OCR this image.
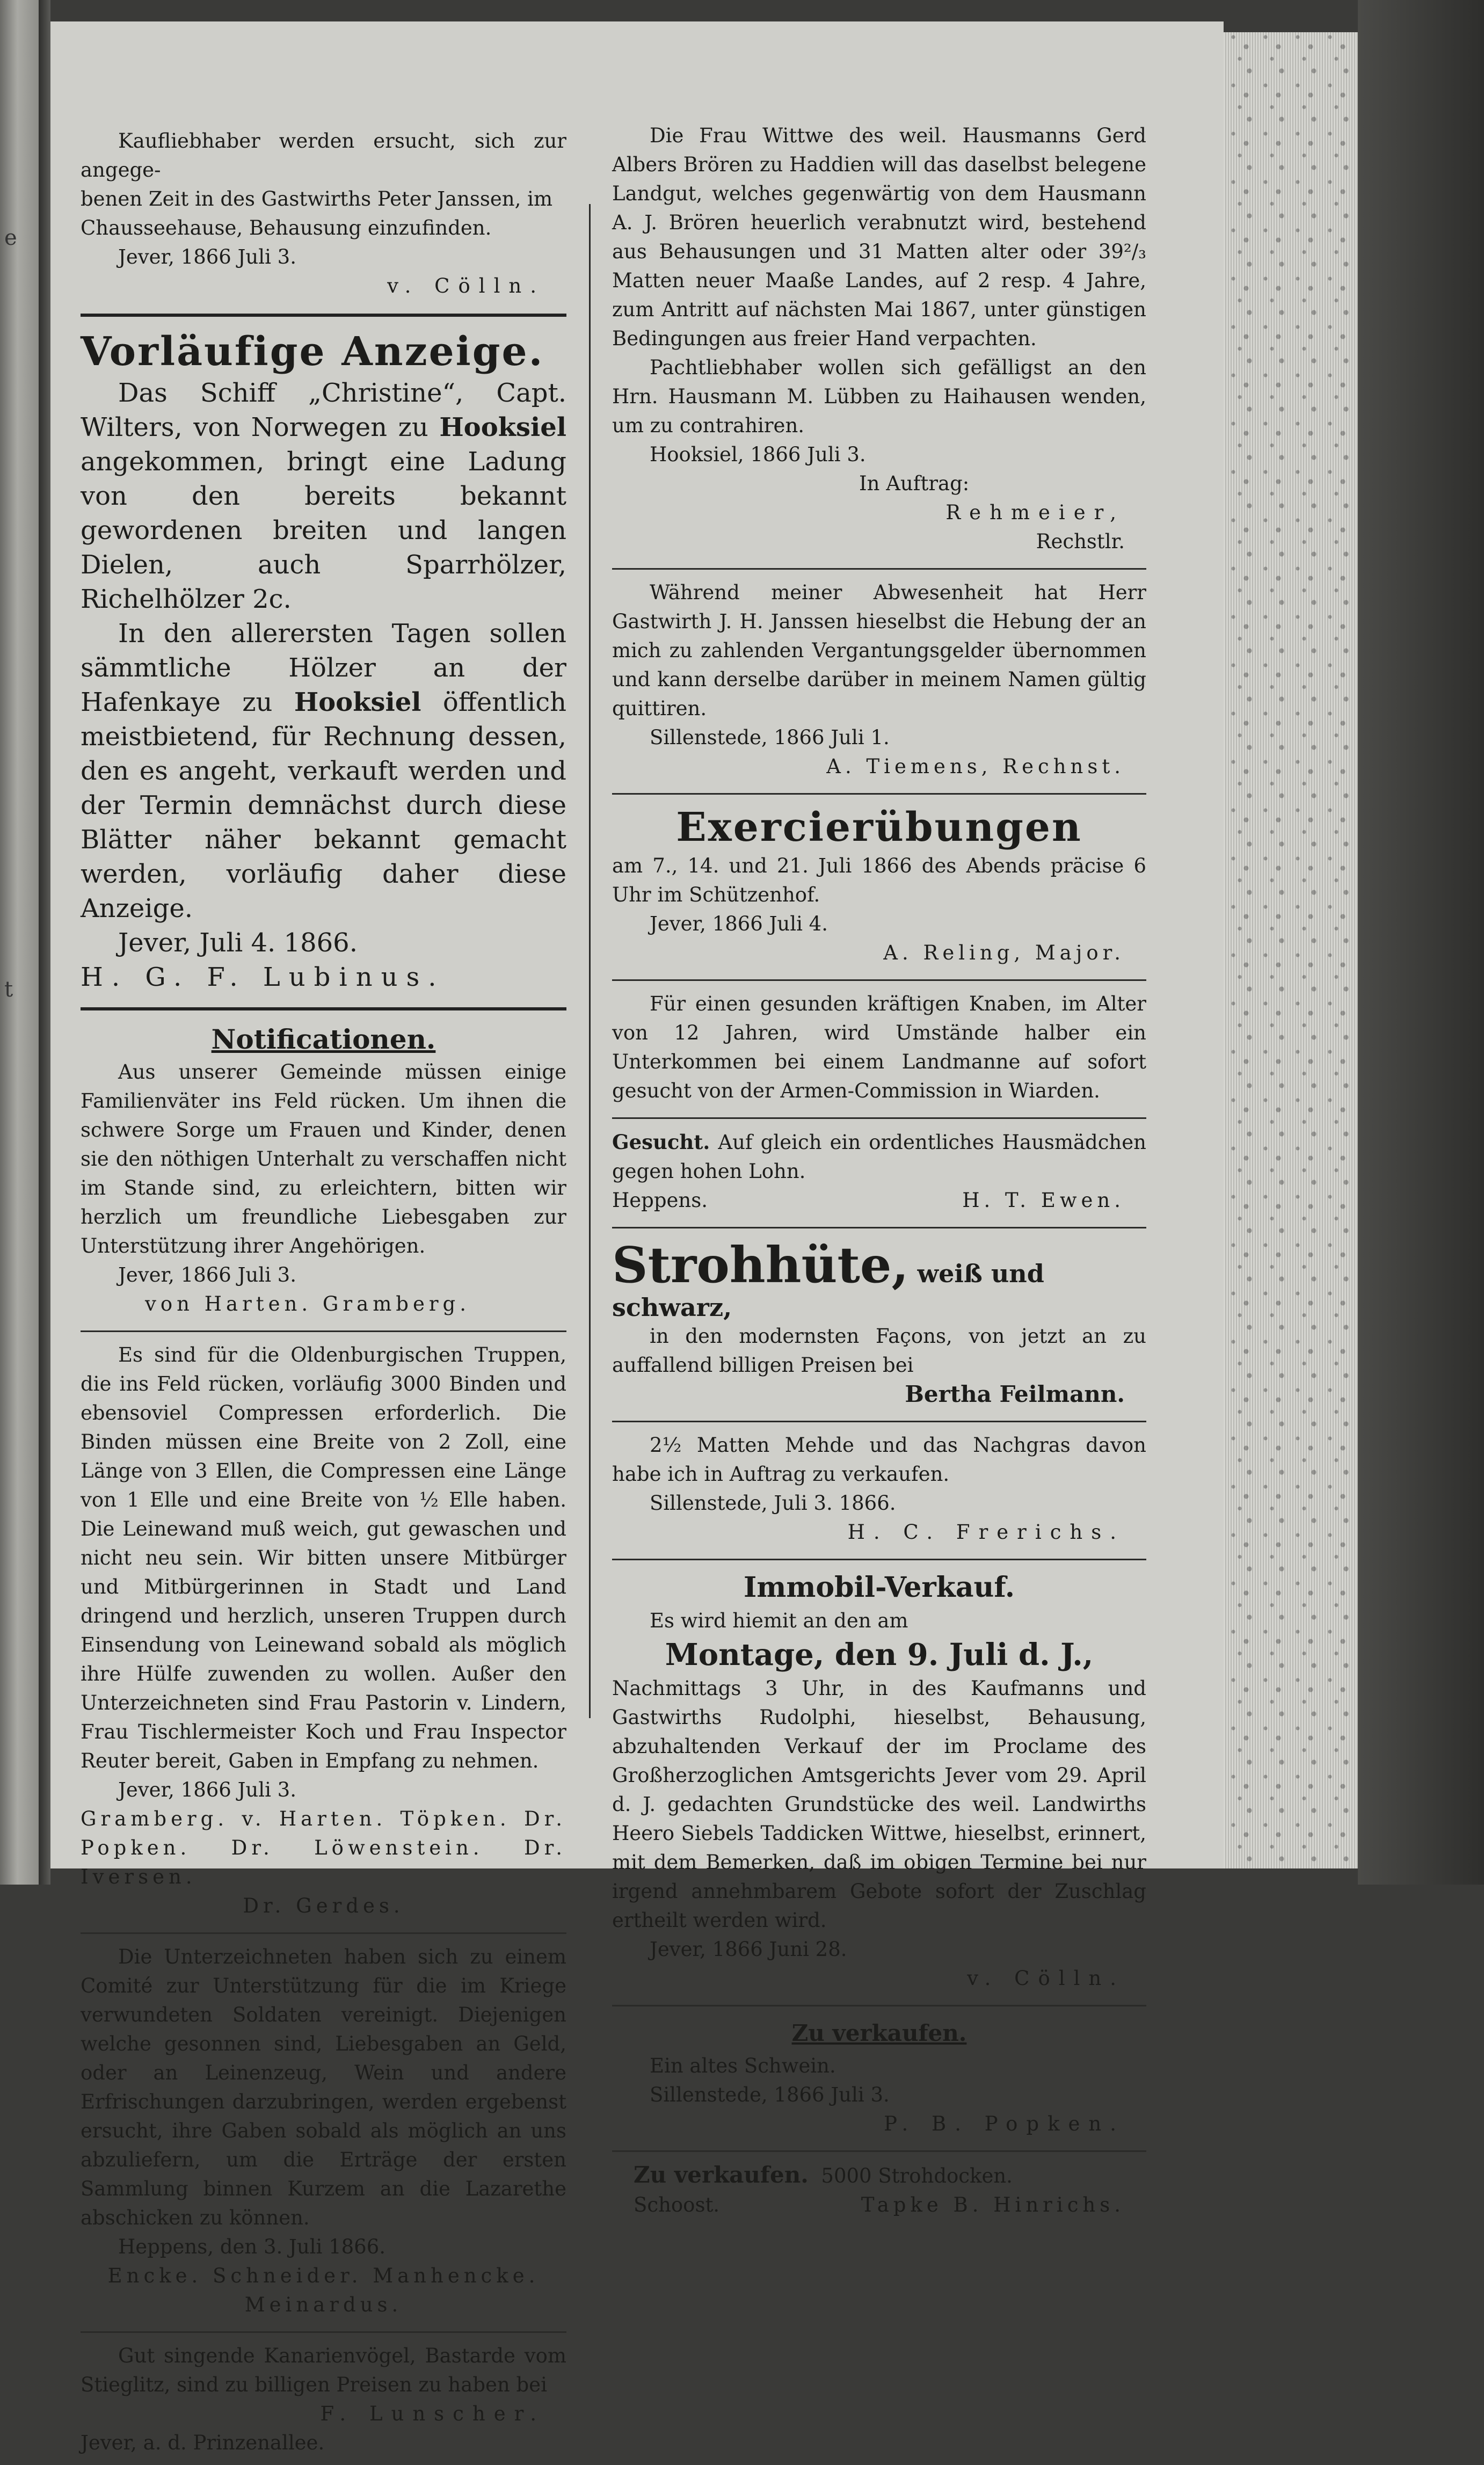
e
t
Kaufliebhaber werden ersucht, sich zur angege-
benen Zeit in des Gastwirths Peter Janssen, im
Chausseehause, Behausung einzufinden.
Jever, 1866 Juli 3.
v. Cölln.
Vorläufige Anzeige.
Das Schiff „Christine“, Capt. Wilters, von Norwegen zu Hooksiel angekommen, bringt eine Ladung von den bereits bekannt gewordenen breiten und langen Dielen, auch Sparrhölzer, Richelhölzer 2c.
In den allerersten Tagen sollen sämmtliche Hölzer an der Hafenkaye zu Hooksiel öffentlich meistbietend, für Rechnung dessen, den es angeht, verkauft werden und der Termin demnächst durch diese Blätter näher bekannt gemacht werden, vorläufig daher diese Anzeige.
Jever, Juli 4. 1866.
H. G. F. Lubinus.
Notificationen.
Aus unserer Gemeinde müssen einige Familienväter ins Feld rücken. Um ihnen die schwere Sorge um Frauen und Kinder, denen sie den nöthigen Unterhalt zu verschaffen nicht im Stande sind, zu erleichtern, bitten wir herzlich um freundliche Liebesgaben zur Unterstützung ihrer Angehörigen.
Jever, 1866 Juli 3.
von Harten. Gramberg.
Es sind für die Oldenburgischen Truppen, die ins Feld rücken, vorläufig 3000 Binden und ebensoviel Compressen erforderlich. Die Binden müssen eine Breite von 2 Zoll, eine Länge von 3 Ellen, die Compressen eine Länge von 1 Elle und eine Breite von ½ Elle haben. Die Leinewand muß weich, gut gewaschen und nicht neu sein. Wir bitten unsere Mitbürger und Mitbürgerinnen in Stadt und Land dringend und herzlich, unseren Truppen durch Einsendung von Leinewand sobald als möglich ihre Hülfe zuwenden zu wollen. Außer den Unterzeichneten sind Frau Pastorin v. Lindern, Frau Tischlermeister Koch und Frau Inspector Reuter bereit, Gaben in Empfang zu nehmen.
Jever, 1866 Juli 3.
Gramberg. v. Harten. Töpken. Dr. Popken. Dr. Löwenstein. Dr. Iversen.
Dr. Gerdes.
Die Unterzeichneten haben sich zu einem Comité zur Unterstützung für die im Kriege verwundeten Soldaten vereinigt. Diejenigen welche gesonnen sind, Liebesgaben an Geld, oder an Leinenzeug, Wein und andere Erfrischungen darzubringen, werden ergebenst ersucht, ihre Gaben sobald als möglich an uns abzuliefern, um die Erträge der ersten Sammlung binnen Kurzem an die Lazarethe abschicken zu können.
Heppens, den 3. Juli 1866.
Encke. Schneider. Manhencke.
Meinardus.
Gut singende Kanarienvögel, Bastarde vom Stieglitz, sind zu billigen Preisen zu haben bei
F. Lunscher.
Jever, a. d. Prinzenallee.
Die Frau Wittwe des weil. Hausmanns Gerd Albers Brören zu Haddien will das daselbst belegene Landgut, welches gegenwärtig von dem Hausmann A. J. Brören heuerlich verabnutzt wird, bestehend aus Behausungen und 31 Matten alter oder 39²/₃ Matten neuer Maaße Landes, auf 2 resp. 4 Jahre, zum Antritt auf nächsten Mai 1867, unter günstigen Bedingungen aus freier Hand verpachten.
Pachtliebhaber wollen sich gefälligst an den Hrn. Hausmann M. Lübben zu Haihausen wenden, um zu contrahiren.
Hooksiel, 1866 Juli 3.
In Auftrag:
Rehmeier,
Rechstlr.
Während meiner Abwesenheit hat Herr Gastwirth J. H. Janssen hieselbst die Hebung der an mich zu zahlenden Vergantungsgelder übernommen und kann derselbe darüber in meinem Namen gültig quittiren.
Sillenstede, 1866 Juli 1.
A. Tiemens, Rechnst.
Exercierübungen
am 7., 14. und 21. Juli 1866 des Abends präcise 6 Uhr im Schützenhof.
Jever, 1866 Juli 4.
A. Reling, Major.
Für einen gesunden kräftigen Knaben, im Alter von 12 Jahren, wird Umstände halber ein Unterkommen bei einem Landmanne auf sofort gesucht von der Armen-Commission in Wiarden.
Gesucht. Auf gleich ein ordentliches Hausmädchen gegen hohen Lohn.
Heppens.	H. T. Ewen.
Strohhüte, weiß und schwarz,
in den modernsten Façons, von jetzt an zu auffallend billigen Preisen bei
Bertha Feilmann.
2½ Matten Mehde und das Nachgras davon habe ich in Auftrag zu verkaufen.
Sillenstede, Juli 3. 1866.
H. C. Frerichs.
Immobil-Verkauf.
Es wird hiemit an den am
Montage, den 9. Juli d. J.,
Nachmittags 3 Uhr, in des Kaufmanns und Gastwirths Rudolphi, hieselbst, Behausung, abzuhaltenden Verkauf der im Proclame des Großherzoglichen Amtsgerichts Jever vom 29. April d. J. gedachten Grundstücke des weil. Landwirths Heero Siebels Taddicken Wittwe, hieselbst, erinnert, mit dem Bemerken, daß im obigen Termine bei nur irgend annehmbarem Gebote sofort der Zuschlag ertheilt werden wird.
Jever, 1866 Juni 28.
v. Cölln.
Zu verkaufen.
Ein altes Schwein.
Sillenstede, 1866 Juli 3.
P. B. Popken.
Zu verkaufen. 5000 Strohdocken.
Schoost.	Tapke B. Hinrichs.
